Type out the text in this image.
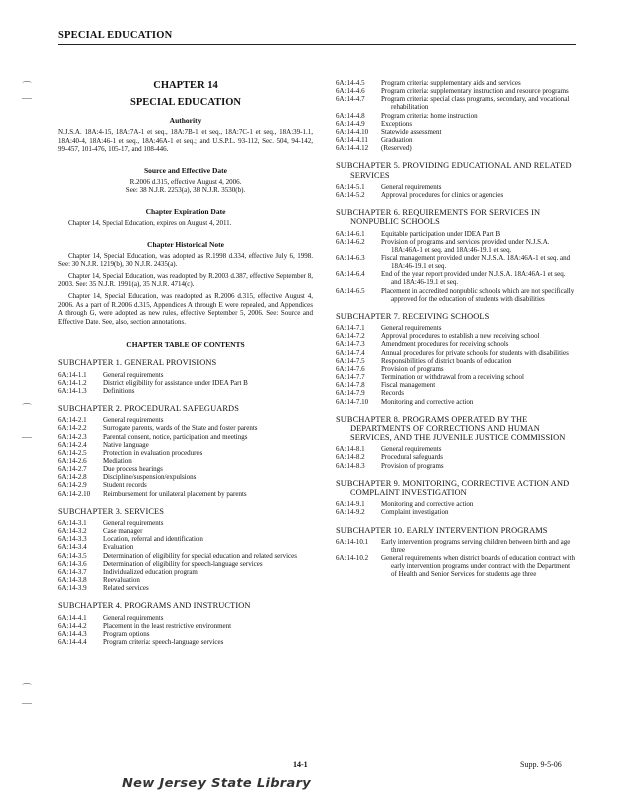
SPECIAL EDUCATION
⌒
—
⌒
—
⌒
—
CHAPTER 14
SPECIAL EDUCATION
Authority

N.J.S.A. 18A:4-15, 18A:7A-1 et seq., 18A:7B-1 et seq., 18A:7C-1 et seq., 18A:39-1.1, 18A:40-4, 18A:46-1 et seq., 18A:46A-1 et seq.; and U.S.P.L. 93-112, Sec. 504, 94-142, 99-457, 101-476, 105-17, and 108-446.

Source and Effective Date

R.2006 d.315, effective August 4, 2006.
See: 38 N.J.R. 2253(a), 38 N.J.R. 3530(b).

Chapter Expiration Date

Chapter 14, Special Education, expires on August 4, 2011.

Chapter Historical Note

Chapter 14, Special Education, was adopted as R.1998 d.334, effective July 6, 1998. See: 30 N.J.R. 1219(b), 30 N.J.R. 2435(a).

Chapter 14, Special Education, was readopted by R.2003 d.387, effective September 8, 2003. See: 35 N.J.R. 1991(a), 35 N.J.R. 4714(c).

Chapter 14, Special Education, was readopted as R.2006 d.315, effective August 4, 2006. As a part of R.2006 d.315, Appendices A through E were repealed, and Appendices A through G, were adopted as new rules, effective September 5, 2006. See: Source and Effective Date. See, also, section annotations.

CHAPTER TABLE OF CONTENTS
SUBCHAPTER 1. GENERAL PROVISIONS
6A:14-1.1	General requirements
6A:14-1.2	District eligibility for assistance under IDEA Part B
6A:14-1.3	Definitions
SUBCHAPTER 2. PROCEDURAL SAFEGUARDS
6A:14-2.1	General requirements
6A:14-2.2	Surrogate parents, wards of the State and foster parents
6A:14-2.3	Parental consent, notice, participation and meetings
6A:14-2.4	Native language
6A:14-2.5	Protection in evaluation procedures
6A:14-2.6	Mediation
6A:14-2.7	Due process hearings
6A:14-2.8	Discipline/suspension/expulsions
6A:14-2.9	Student records
6A:14-2.10	Reimbursement for unilateral placement by parents
SUBCHAPTER 3. SERVICES
6A:14-3.1	General requirements
6A:14-3.2	Case manager
6A:14-3.3	Location, referral and identification
6A:14-3.4	Evaluation
6A:14-3.5	Determination of eligibility for special education and related services
6A:14-3.6	Determination of eligibility for speech-language services
6A:14-3.7	Individualized education program
6A:14-3.8	Reevaluation
6A:14-3.9	Related services
SUBCHAPTER 4. PROGRAMS AND INSTRUCTION
6A:14-4.1	General requirements
6A:14-4.2	Placement in the least restrictive environment
6A:14-4.3	Program options
6A:14-4.4	Program criteria: speech-language services
6A:14-4.5	Program criteria: supplementary aids and services
6A:14-4.6	Program criteria: supplementary instruction and resource programs
6A:14-4.7	Program criteria: special class programs, secondary, and vocational rehabilitation
6A:14-4.8	Program criteria: home instruction
6A:14-4.9	Exceptions
6A:14-4.10	Statewide assessment
6A:14-4.11	Graduation
6A:14-4.12	(Reserved)
SUBCHAPTER 5. PROVIDING EDUCATIONAL AND RELATED SERVICES
6A:14-5.1	General requirements
6A:14-5.2	Approval procedures for clinics or agencies
SUBCHAPTER 6. REQUIREMENTS FOR SERVICES IN NONPUBLIC SCHOOLS
6A:14-6.1	Equitable participation under IDEA Part B
6A:14-6.2	Provision of programs and services provided under N.J.S.A. 18A:46A-1 et seq. and 18A:46-19.1 et seq.
6A:14-6.3	Fiscal management provided under N.J.S.A. 18A:46A-1 et seq. and 18A:46-19.1 et seq.
6A:14-6.4	End of the year report provided under N.J.S.A. 18A:46A-1 et seq. and 18A:46-19.1 et seq.
6A:14-6.5	Placement in accredited nonpublic schools which are not specifically approved for the education of students with disabilities
SUBCHAPTER 7. RECEIVING SCHOOLS
6A:14-7.1	General requirements
6A:14-7.2	Approval procedures to establish a new receiving school
6A:14-7.3	Amendment procedures for receiving schools
6A:14-7.4	Annual procedures for private schools for students with disabilities
6A:14-7.5	Responsibilities of district boards of education
6A:14-7.6	Provision of programs
6A:14-7.7	Termination or withdrawal from a receiving school
6A:14-7.8	Fiscal management
6A:14-7.9	Records
6A:14-7.10	Monitoring and corrective action
SUBCHAPTER 8. PROGRAMS OPERATED BY THE DEPARTMENTS OF CORRECTIONS AND HUMAN SERVICES, AND THE JUVENILE JUSTICE COMMISSION
6A:14-8.1	General requirements
6A:14-8.2	Procedural safeguards
6A:14-8.3	Provision of programs
SUBCHAPTER 9. MONITORING, CORRECTIVE ACTION AND COMPLAINT INVESTIGATION
6A:14-9.1	Monitoring and corrective action
6A:14-9.2	Complaint investigation
SUBCHAPTER 10. EARLY INTERVENTION PROGRAMS
6A:14-10.1	Early intervention programs serving children between birth and age three
6A:14-10.2	General requirements when district boards of education contract with early intervention programs under contract with the Department of Health and Senior Services for students age three
14-1	Supp. 9-5-06
New Jersey State Library
